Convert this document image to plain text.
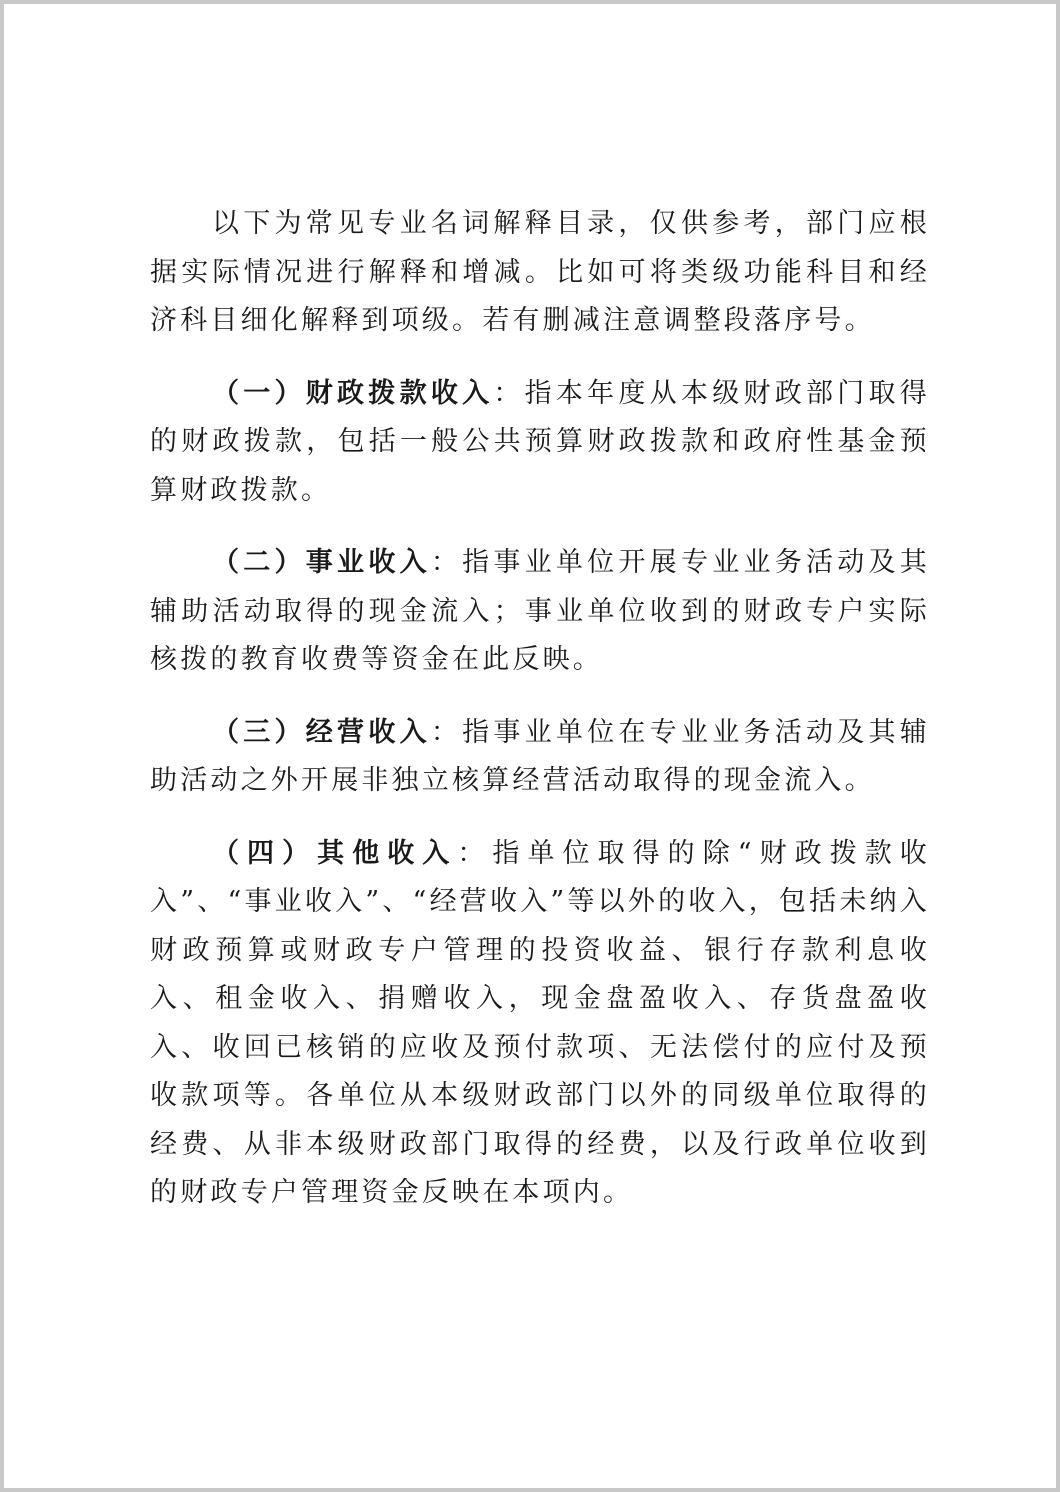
以下为常见专业名词解释目录，仅供参考，部门应根据实际情况进行解释和增减。比如可将类级功能科目和经济科目细化解释到项级。若有删减注意调整段落序号。

（一）财政拨款收入：指本年度从本级财政部门取得的财政拨款，包括一般公共预算财政拨款和政府性基金预算财政拨款。

（二）事业收入：指事业单位开展专业业务活动及其辅助活动取得的现金流入；事业单位收到的财政专户实际核拨的教育收费等资金在此反映。

（三）经营收入：指事业单位在专业业务活动及其辅助活动之外开展非独立核算经营活动取得的现金流入。

（四）其他收入：指单位取得的除“财政拨款收入”、“事业收入”、“经营收入”等以外的收入，包括未纳入财政预算或财政专户管理的投资收益、银行存款利息收入、租金收入、捐赠收入，现金盘盈收入、存货盘盈收入、收回已核销的应收及预付款项、无法偿付的应付及预收款项等。各单位从本级财政部门以外的同级单位取得的经费、从非本级财政部门取得的经费，以及行政单位收到的财政专户管理资金反映在本项内。
